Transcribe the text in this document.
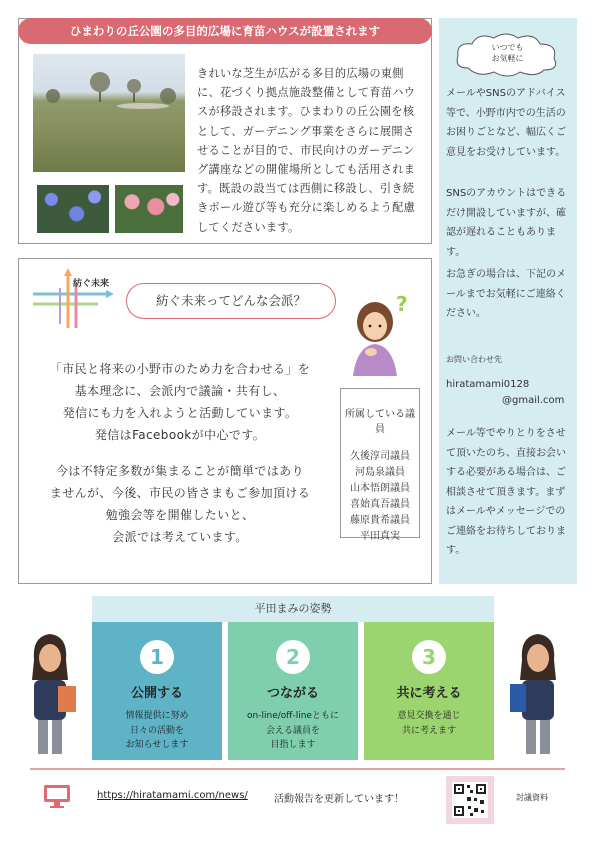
ひまわりの丘公園の多目的広場に育苗ハウスが設置されます
きれいな芝生が広がる多目的広場の東側に、花づくり拠点施設整備として育苗ハウスが移設されます。ひまわりの丘公園を核として、ガーデニング事業をさらに展開させることが目的で、市民向けのガーデニング講座などの開催場所としても活用されます。既設の設当ては西側に移設し、引き続きボール遊び等も充分に楽しめるよう配慮してくださいます。
紡ぐ未来
紡ぐ未来ってどんな会派？	?
「市民と将来の小野市のため力を合わせる」を
基本理念に、会派内で議論・共有し、
発信にも力を入れようと活動しています。
発信はFacebookが中心です。
今は不特定多数が集まることが簡単ではあり
ませんが、今後、市民の皆さまもご参加頂ける
勉強会等を開催したいと、
会派では考えています。
所属している議員
久後淳司議員
河島泉議員
山本悟朗議員
喜始真吾議員
藤原貴希議員
平田真実
いつでも
お気軽に
メールやSNSのアドバイス等で、小野市内での生活のお困りごとなど、幅広くご意見をお受けしています。
SNSのアカウントはできるだけ開設していますが、確認が遅れることもあります。
お急ぎの場合は、下記のメールまでお気軽にご連絡ください。
お問い合わせ先
hiratamami0128
@gmail.com
メール等でやりとりをさせて頂いたのち、直接お会いする必要がある場合は、ご相談させて頂きます。まずはメールやメッセージでのご連絡をお待ちしております。
平田まみの姿勢
1
公開する
情報提供に努め
日々の活動を
お知らせします
2
つながる
on-line/off-lineともに
会える議員を
目指します
3
共に考える
意見交換を通じ
共に考えます
https://hiratamami.com/news/	活動報告を更新しています！	討議資料
